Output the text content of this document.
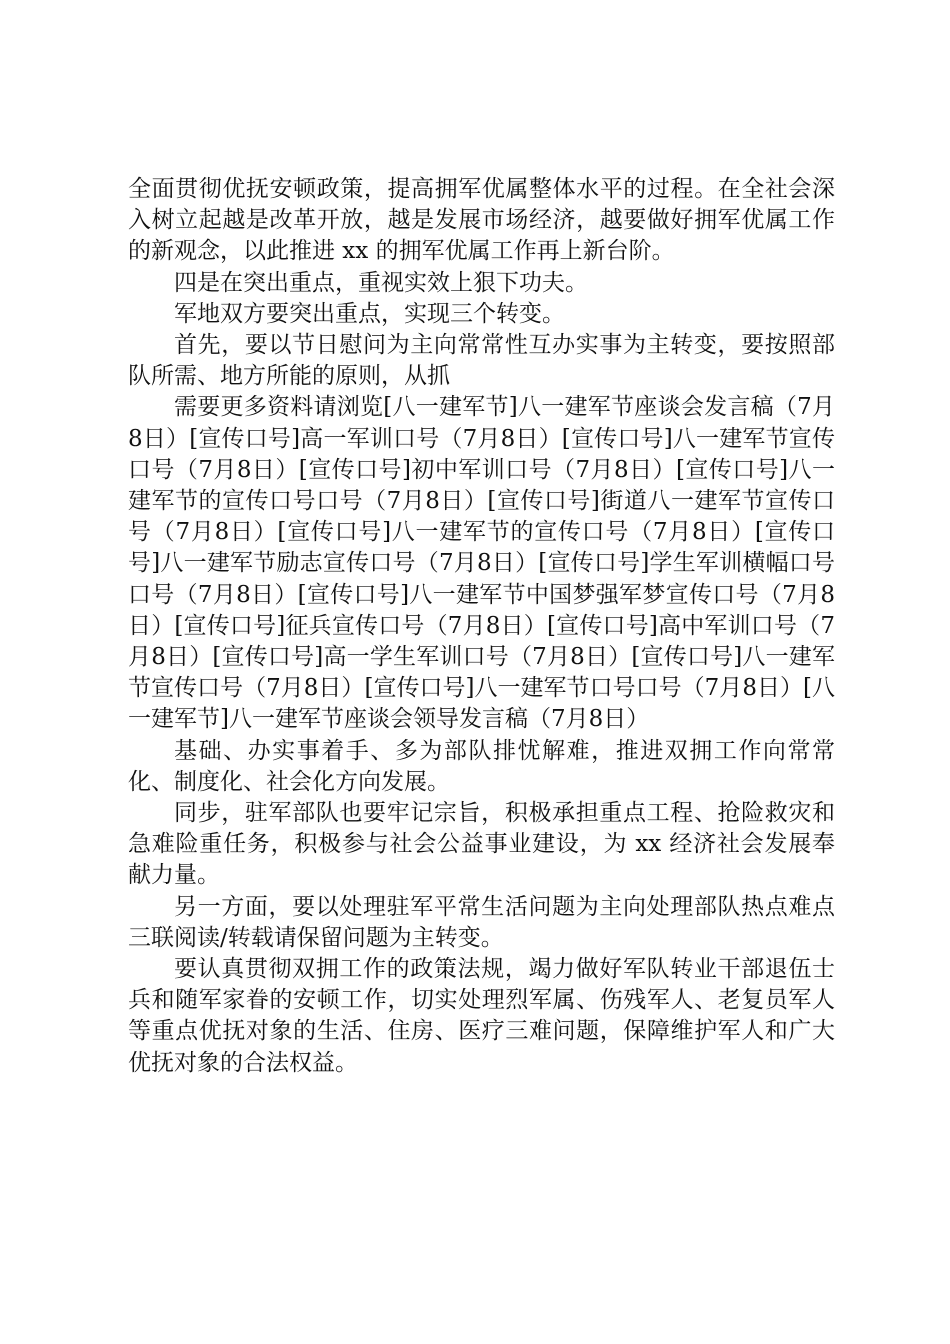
全面贯彻优抚安顿政策，提高拥军优属整体水平的过程。在全社会深入树立起越是改革开放，越是发展市场经济，越要做好拥军优属工作的新观念，以此推进 xx 的拥军优属工作再上新台阶。

四是在突出重点，重视实效上狠下功夫。

军地双方要突出重点，实现三个转变。

首先，要以节日慰问为主向常常性互办实事为主转变，要按照部队所需、地方所能的原则，从抓

需要更多资料请浏览[八一建军节]八一建军节座谈会发言稿（7月8日）[宣传口号]高一军训口号（7月8日）[宣传口号]八一建军节宣传口号（7月8日）[宣传口号]初中军训口号（7月8日）[宣传口号]八一建军节的宣传口号口号（7月8日）[宣传口号]街道八一建军节宣传口号（7月8日）[宣传口号]八一建军节的宣传口号（7月8日）[宣传口号]八一建军节励志宣传口号（7月8日）[宣传口号]学生军训横幅口号口号（7月8日）[宣传口号]八一建军节中国梦强军梦宣传口号（7月8日）[宣传口号]征兵宣传口号（7月8日）[宣传口号]高中军训口号（7月8日）[宣传口号]高一学生军训口号（7月8日）[宣传口号]八一建军节宣传口号（7月8日）[宣传口号]八一建军节口号口号（7月8日）[八一建军节]八一建军节座谈会领导发言稿（7月8日）

基础、办实事着手、多为部队排忧解难，推进双拥工作向常常化、制度化、社会化方向发展。

同步，驻军部队也要牢记宗旨，积极承担重点工程、抢险救灾和急难险重任务，积极参与社会公益事业建设，为 xx 经济社会发展奉献力量。

另一方面，要以处理驻军平常生活问题为主向处理部队热点难点三联阅读/转载请保留问题为主转变。

要认真贯彻双拥工作的政策法规，竭力做好军队转业干部退伍士兵和随军家眷的安顿工作，切实处理烈军属、伤残军人、老复员军人等重点优抚对象的生活、住房、医疗三难问题，保障维护军人和广大优抚对象的合法权益。
